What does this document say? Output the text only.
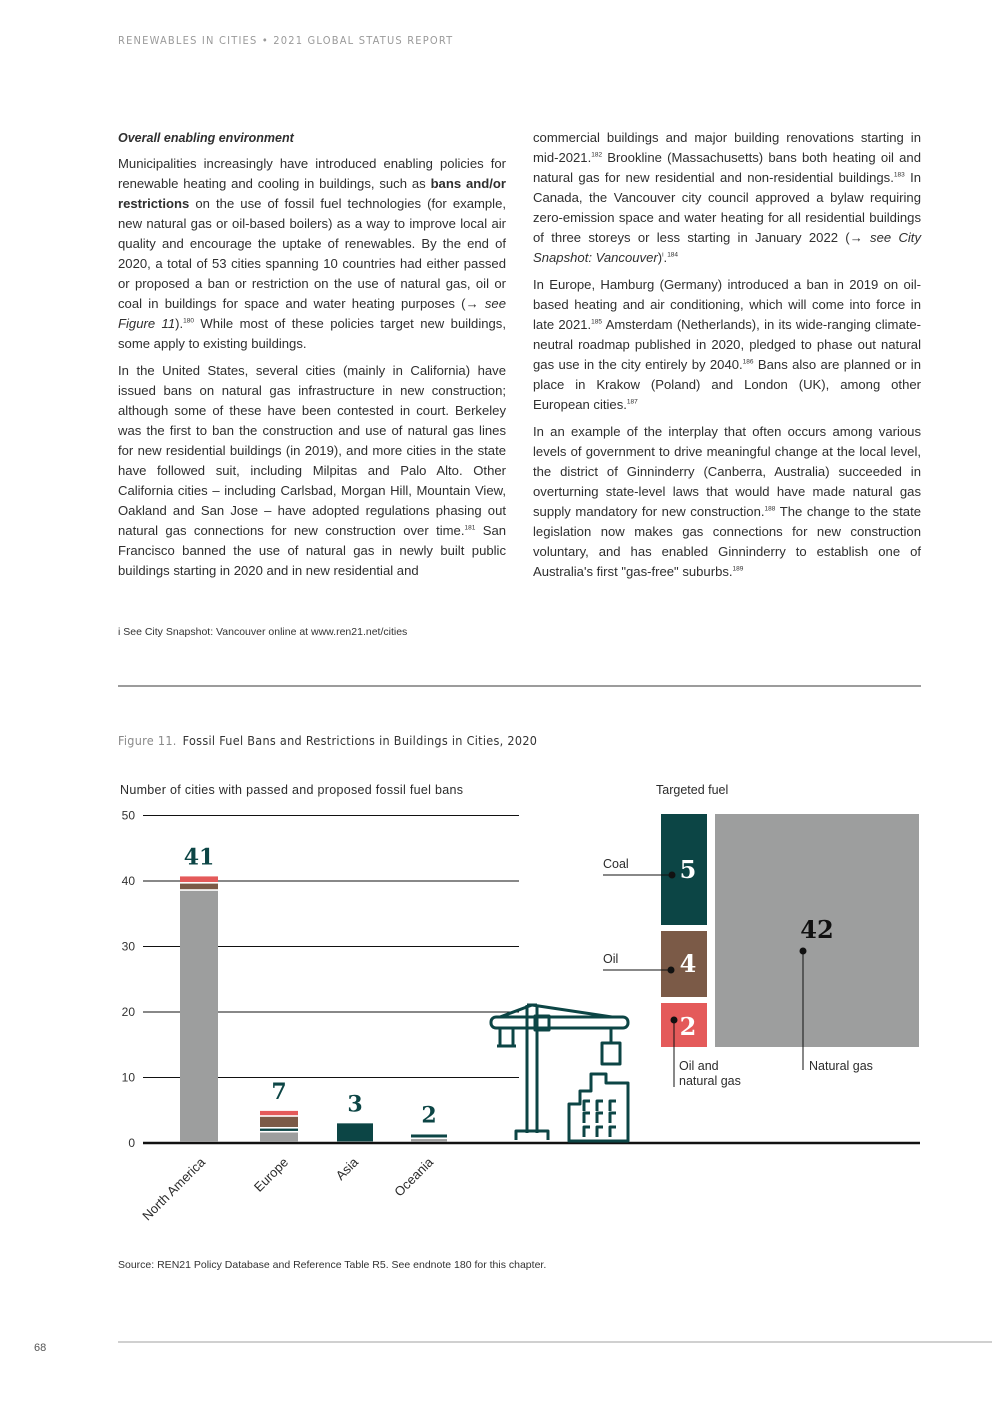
RENEWABLES IN CITIES • 2021 GLOBAL STATUS REPORT
Overall enabling environment

Municipalities increasingly have introduced enabling policies for renewable heating and cooling in buildings, such as bans and/or restrictions on the use of fossil fuel technologies (for example, new natural gas or oil-based boilers) as a way to improve local air quality and encourage the uptake of renewables. By the end of 2020, a total of 53 cities spanning 10 countries had either passed or proposed a ban or restriction on the use of natural gas, oil or coal in buildings for space and water heating purposes (→ see Figure 11).$^{180}$ While most of these policies target new buildings, some apply to existing buildings.

In the United States, several cities (mainly in California) have issued bans on natural gas infrastructure in new construction; although some of these have been contested in court. Berkeley was the first to ban the construction and use of natural gas lines for new residential buildings (in 2019), and more cities in the state have followed suit, including Milpitas and Palo Alto. Other California cities – including Carlsbad, Morgan Hill, Mountain View, Oakland and San Jose – have adopted regulations phasing out natural gas connections for new construction over time.$^{181}$ San Francisco banned the use of natural gas in newly built public buildings starting in 2020 and in new residential and

commercial buildings and major building renovations starting in mid-2021.$^{182}$ Brookline (Massachusetts) bans both heating oil and natural gas for new residential and non-residential buildings.$^{183}$ In Canada, the Vancouver city council approved a bylaw requiring zero-emission space and water heating for all residential buildings of three storeys or less starting in January 2022 (→ see City Snapshot: Vancouver)$^i$.$^{184}$

In Europe, Hamburg (Germany) introduced a ban in 2019 on oil-based heating and air conditioning, which will come into force in late 2021.$^{185}$ Amsterdam (Netherlands), in its wide-ranging climate-neutral roadmap published in 2020, pledged to phase out natural gas use in the city entirely by 2040.$^{186}$ Bans also are planned or in place in Krakow (Poland) and London (UK), among other European cities.$^{187}$

In an example of the interplay that often occurs among various levels of government to drive meaningful change at the local level, the district of Ginninderry (Canberra, Australia) succeeded in overturning state-level laws that would have made natural gas supply mandatory for new construction.$^{188}$ The change to the state legislation now makes gas connections for new construction voluntary, and has enabled Ginninderry to establish one of Australia's first "gas-free" suburbs.$^{189}$

i See City Snapshot: Vancouver online at www.ren21.net/cities
Figure 11. Fossil Fuel Bans and Restrictions in Buildings in Cities, 2020
Number of cities with passed and proposed fossil fuel bans
0
10
20
30
40
50
41
7	3	2
North America	Europe	Asia Oceania
Targeted fuel
5
4
2
42
Coal
Oil
Oil and natural gas
Natural gas
Source: REN21 Policy Database and Reference Table R5. See endnote 180 for this chapter.
68
